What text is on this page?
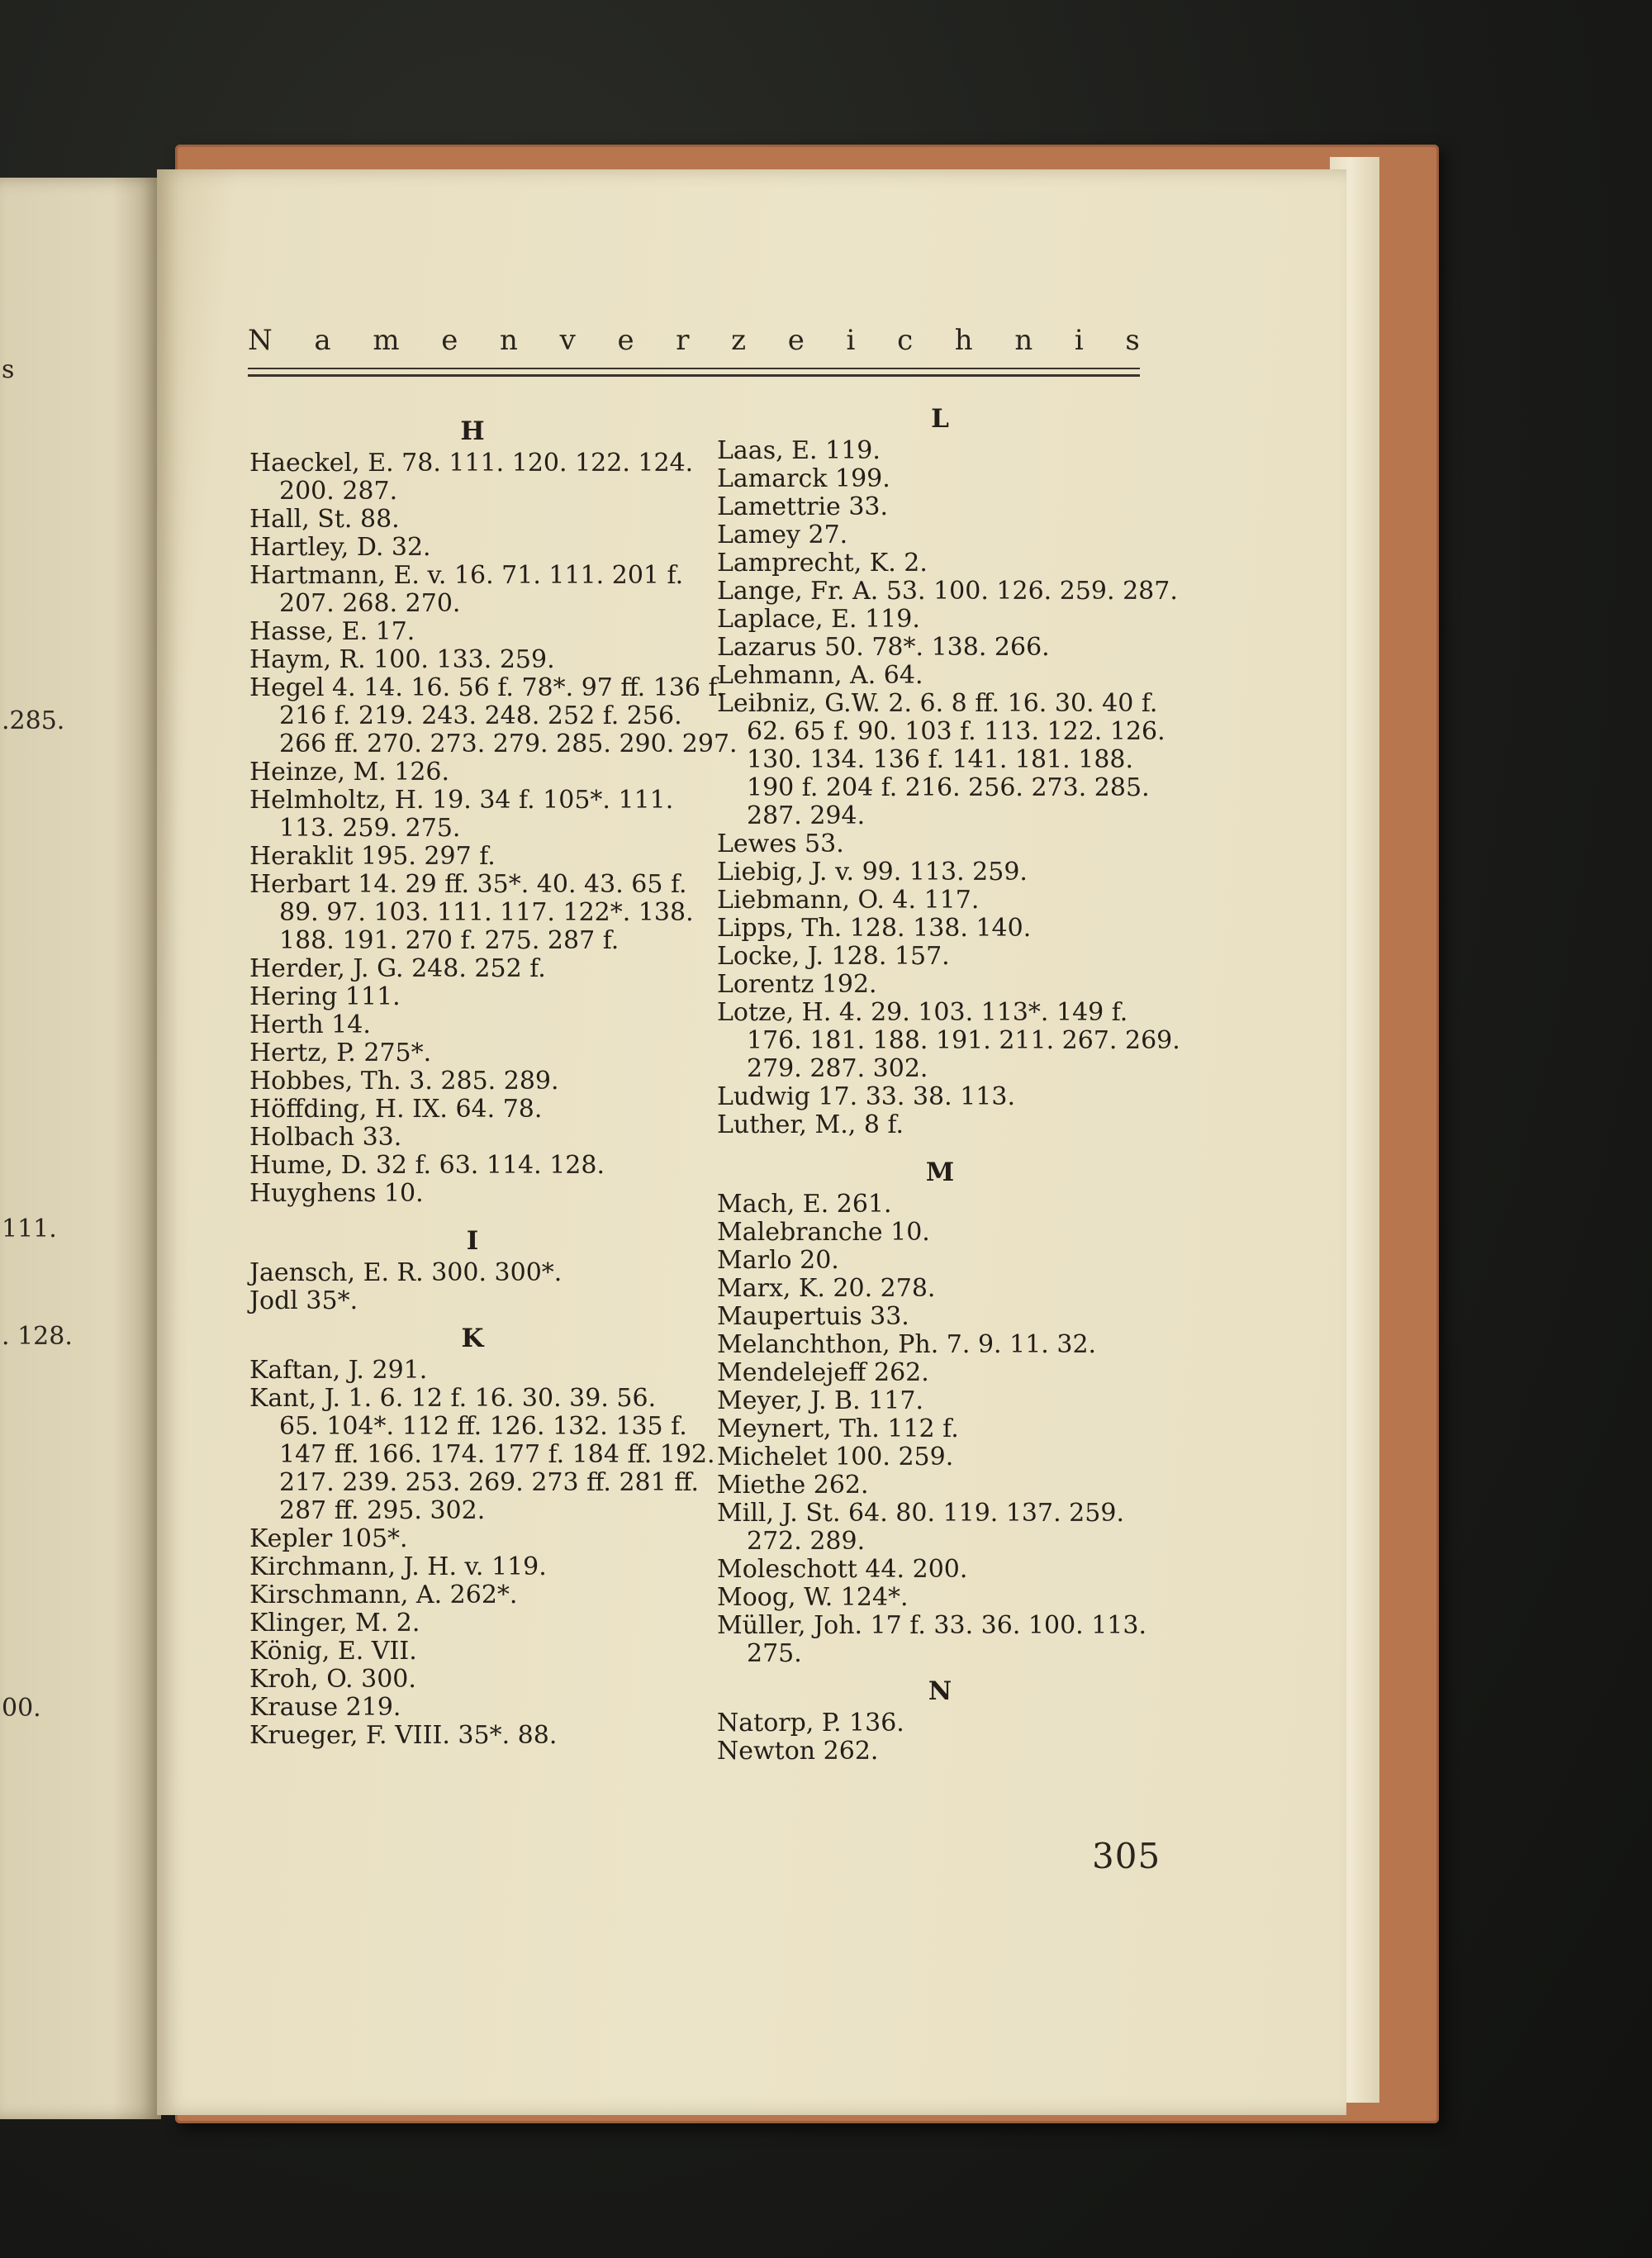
s
.285.
111.
. 128.
00.
N a m e n v e r z e i c h n i s
H
Haeckel, E. 78. 111. 120. 122. 124.
200. 287.
Hall, St. 88.
Hartley, D. 32.
Hartmann, E. v. 16. 71. 111. 201 f.
207. 268. 270.
Hasse, E. 17.
Haym, R. 100. 133. 259.
Hegel 4. 14. 16. 56 f. 78*. 97 ff. 136 f.
216 f. 219. 243. 248. 252 f. 256.
266 ff. 270. 273. 279. 285. 290. 297.
Heinze, M. 126.
Helmholtz, H. 19. 34 f. 105*. 111.
113. 259. 275.
Heraklit 195. 297 f.
Herbart 14. 29 ff. 35*. 40. 43. 65 f.
89. 97. 103. 111. 117. 122*. 138.
188. 191. 270 f. 275. 287 f.
Herder, J. G. 248. 252 f.
Hering 111.
Herth 14.
Hertz, P. 275*.
Hobbes, Th. 3. 285. 289.
Höffding, H. IX. 64. 78.
Holbach 33.
Hume, D. 32 f. 63. 114. 128.
Huyghens 10.
I
Jaensch, E. R. 300. 300*.
Jodl 35*.
K
Kaftan, J. 291.
Kant, J. 1. 6. 12 f. 16. 30. 39. 56.
65. 104*. 112 ff. 126. 132. 135 f.
147 ff. 166. 174. 177 f. 184 ff. 192.
217. 239. 253. 269. 273 ff. 281 ff.
287 ff. 295. 302.
Kepler 105*.
Kirchmann, J. H. v. 119.
Kirschmann, A. 262*.
Klinger, M. 2.
König, E. VII.
Kroh, O. 300.
Krause 219.
Krueger, F. VIII. 35*. 88.
L
Laas, E. 119.
Lamarck 199.
Lamettrie 33.
Lamey 27.
Lamprecht, K. 2.
Lange, Fr. A. 53. 100. 126. 259. 287.
Laplace, E. 119.
Lazarus 50. 78*. 138. 266.
Lehmann, A. 64.
Leibniz, G.W. 2. 6. 8 ff. 16. 30. 40 f.
62. 65 f. 90. 103 f. 113. 122. 126.
130. 134. 136 f. 141. 181. 188.
190 f. 204 f. 216. 256. 273. 285.
287. 294.
Lewes 53.
Liebig, J. v. 99. 113. 259.
Liebmann, O. 4. 117.
Lipps, Th. 128. 138. 140.
Locke, J. 128. 157.
Lorentz 192.
Lotze, H. 4. 29. 103. 113*. 149 f.
176. 181. 188. 191. 211. 267. 269.
279. 287. 302.
Ludwig 17. 33. 38. 113.
Luther, M., 8 f.
M
Mach, E. 261.
Malebranche 10.
Marlo 20.
Marx, K. 20. 278.
Maupertuis 33.
Melanchthon, Ph. 7. 9. 11. 32.
Mendelejeff 262.
Meyer, J. B. 117.
Meynert, Th. 112 f.
Michelet 100. 259.
Miethe 262.
Mill, J. St. 64. 80. 119. 137. 259.
272. 289.
Moleschott 44. 200.
Moog, W. 124*.
Müller, Joh. 17 f. 33. 36. 100. 113.
275.
N
Natorp, P. 136.
Newton 262.
305
